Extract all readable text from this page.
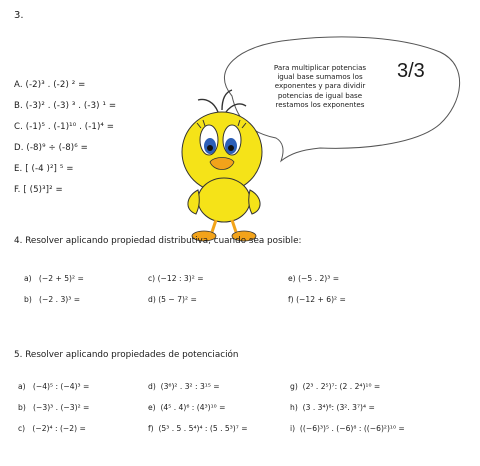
3.
Para multiplicar potencias
igual base sumamos los
exponentes y para dividir
potencias de igual base
restamos los exponentes
3/3
A. (-2)³ . (-2) ² =
B. (-3)² . (-3) ³ . (-3) ¹ =
C. (-1)⁵ . (-1)¹⁰ . (-1)⁴ =
D. (-8)⁹ ÷ (-8)⁶ =
E. [ (-4 )²] ⁵ =
F. [ (5)³]² =
4. Resolver aplicando propiedad distributiva, cuando sea posible:
a) (−2 + 5)² =
b) (−2 . 3)³ =
c) (−12 : 3)² =
d) (5 − 7)² =
e) (−5 . 2)³ =
f) (−12 + 6)² =
5. Resolver aplicando propiedades de potenciación
a) (−4)⁵ : (−4)³ =
b) (−3)³ . (−3)² =
c) (−2)⁴ : (−2) =
d) (3⁶)² . 3² : 3¹⁵ =
e) (4⁵ . 4)⁶ : (4³)¹⁰ =
f) (5³ . 5 . 5⁴)⁴ : (5 . 5³)⁷ =
g) (2³ . 2⁵)⁷: (2 . 2⁴)¹⁰ =
h) (3 . 3⁴)⁸: (3². 3⁷)⁴ =
i) ((−6)³)⁵ . (−6)⁸ : ((−6)²)¹⁰ =
